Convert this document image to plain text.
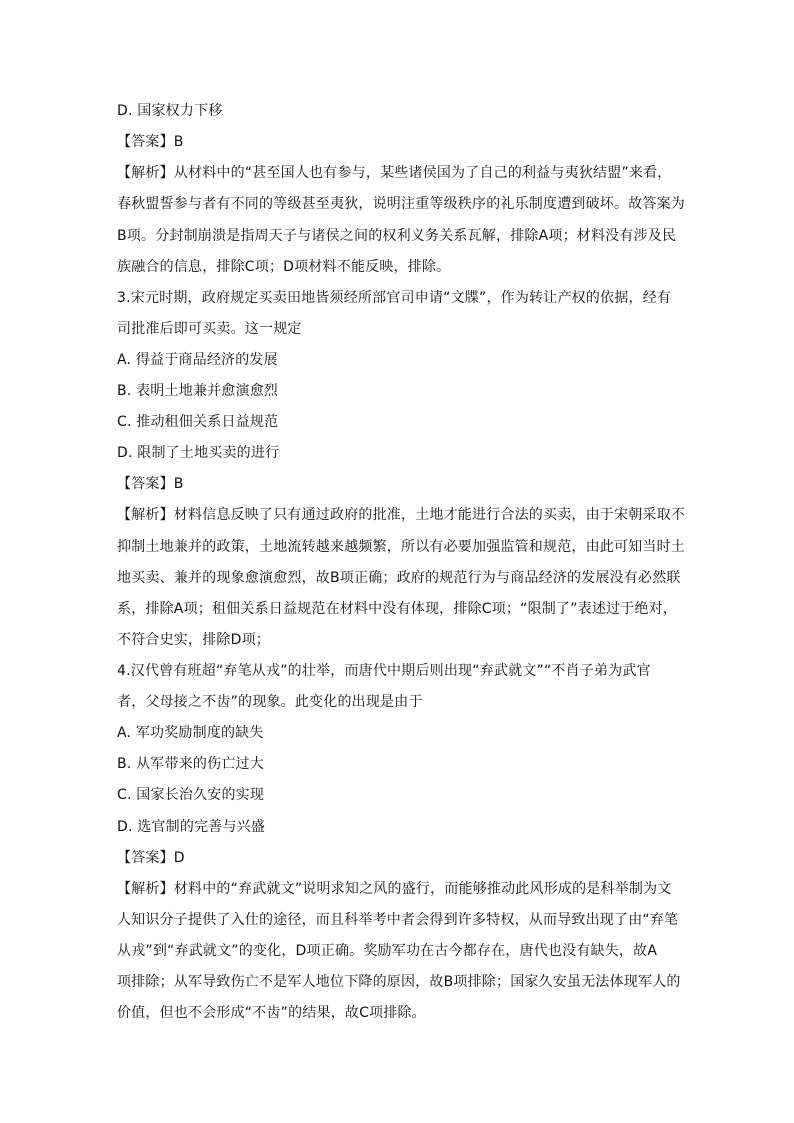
D. 国家权力下移
【答案】B
【解析】从材料中的“甚至国人也有参与，某些诸侯国为了自己的利益与夷狄结盟”来看，
春秋盟誓参与者有不同的等级甚至夷狄，说明注重等级秩序的礼乐制度遭到破坏。故答案为
B项。分封制崩溃是指周天子与诸侯之间的权利义务关系瓦解，排除A项；材料没有涉及民
族融合的信息，排除C项；D项材料不能反映，排除。
3.宋元时期，政府规定买卖田地皆须经所部官司申请“文牒”，作为转让产权的依据，经有
司批准后即可买卖。这一规定
A. 得益于商品经济的发展
B. 表明土地兼并愈演愈烈
C. 推动租佃关系日益规范
D. 限制了土地买卖的进行
【答案】B
【解析】材料信息反映了只有通过政府的批准，土地才能进行合法的买卖，由于宋朝采取不
抑制土地兼并的政策，土地流转越来越频繁，所以有必要加强监管和规范，由此可知当时土
地买卖、兼并的现象愈演愈烈，故B项正确；政府的规范行为与商品经济的发展没有必然联
系，排除A项；租佃关系日益规范在材料中没有体现，排除C项；“限制了”表述过于绝对，
不符合史实，排除D项；
4.汉代曾有班超“弃笔从戎”的壮举，而唐代中期后则出现“弃武就文”“不肖子弟为武官
者，父母接之不齿”的现象。此变化的出现是由于
A. 军功奖励制度的缺失
B. 从军带来的伤亡过大
C. 国家长治久安的实现
D. 选官制的完善与兴盛
【答案】D
【解析】材料中的“弃武就文”说明求知之风的盛行，而能够推动此风形成的是科举制为文
人知识分子提供了入仕的途径，而且科举考中者会得到许多特权，从而导致出现了由“弃笔
从戎”到“弃武就文”的变化，D项正确。奖励军功在古今都存在，唐代也没有缺失，故A
项排除；从军导致伤亡不是军人地位下降的原因，故B项排除；国家久安虽无法体现军人的
价值，但也不会形成“不齿”的结果，故C项排除。
